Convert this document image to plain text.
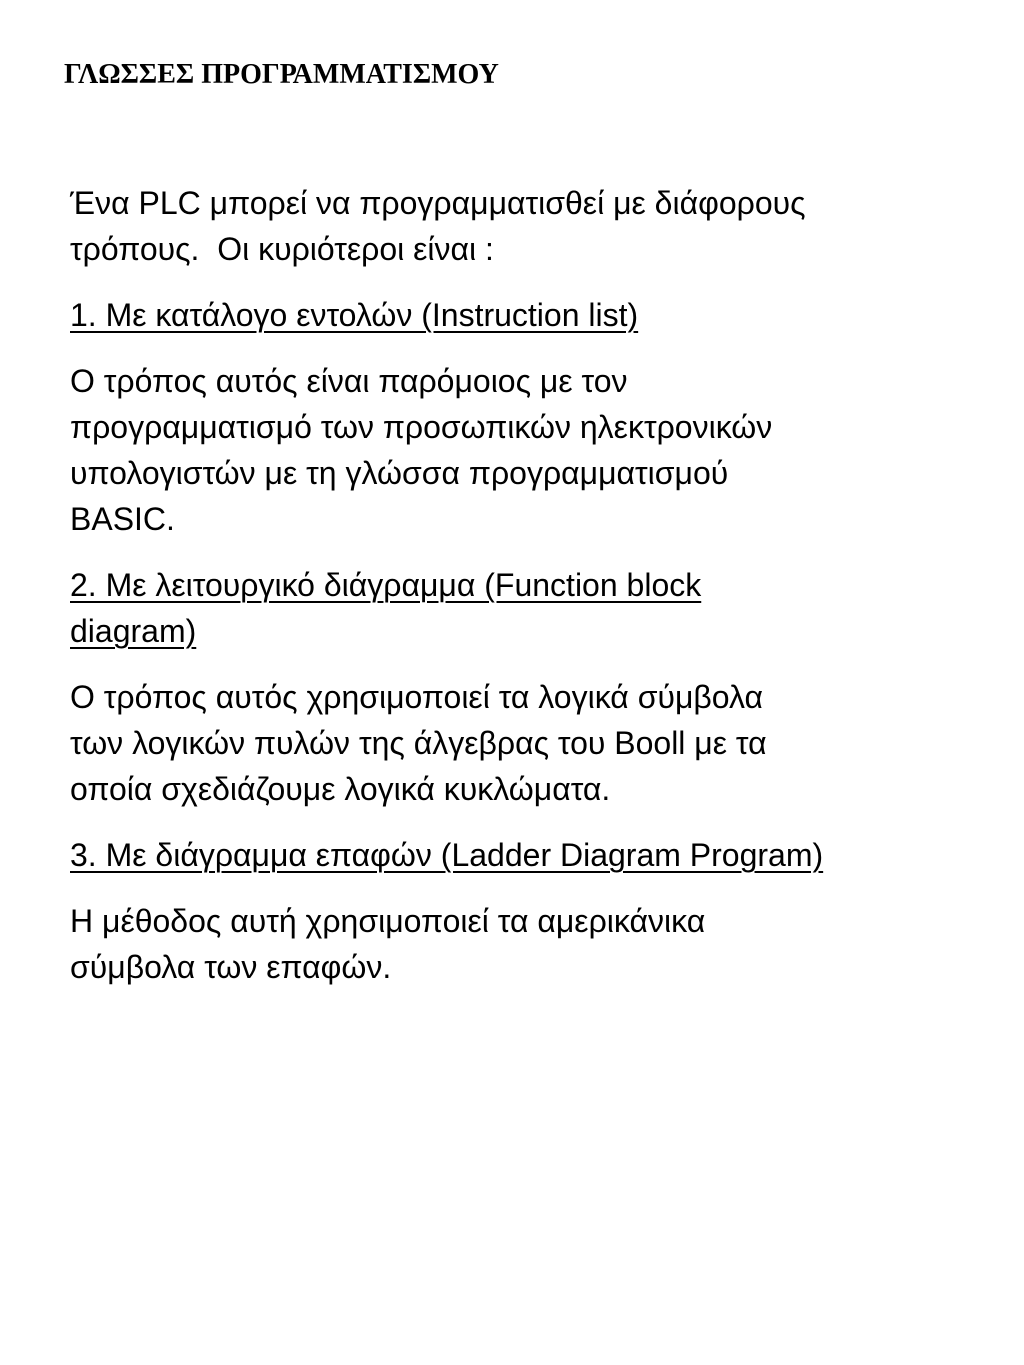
ΓΛΩΣΣΕΣ ΠΡΟΓΡΑΜΜΑΤΙΣΜΟΥ
Ένα PLC μπορεί να προγραμματισθεί με διάφορους
τρόπους.  Οι κυριότεροι είναι :
1. Με κατάλογο εντολών (Instruction list)
Ο τρόπος αυτός είναι παρόμοιος με τον
προγραμματισμό των προσωπικών ηλεκτρονικών
υπολογιστών με τη γλώσσα προγραμματισμού
BASIC.
2. Με λειτουργικό διάγραμμα (Function block
diagram)
Ο τρόπος αυτός χρησιμοποιεί τα λογικά σύμβολα
των λογικών πυλών της άλγεβρας του Booll με τα
οποία σχεδιάζουμε λογικά κυκλώματα.
3. Με διάγραμμα επαφών (Ladder Diagram Program)
Η μέθοδος αυτή χρησιμοποιεί τα αμερικάνικα
σύμβολα των επαφών.
